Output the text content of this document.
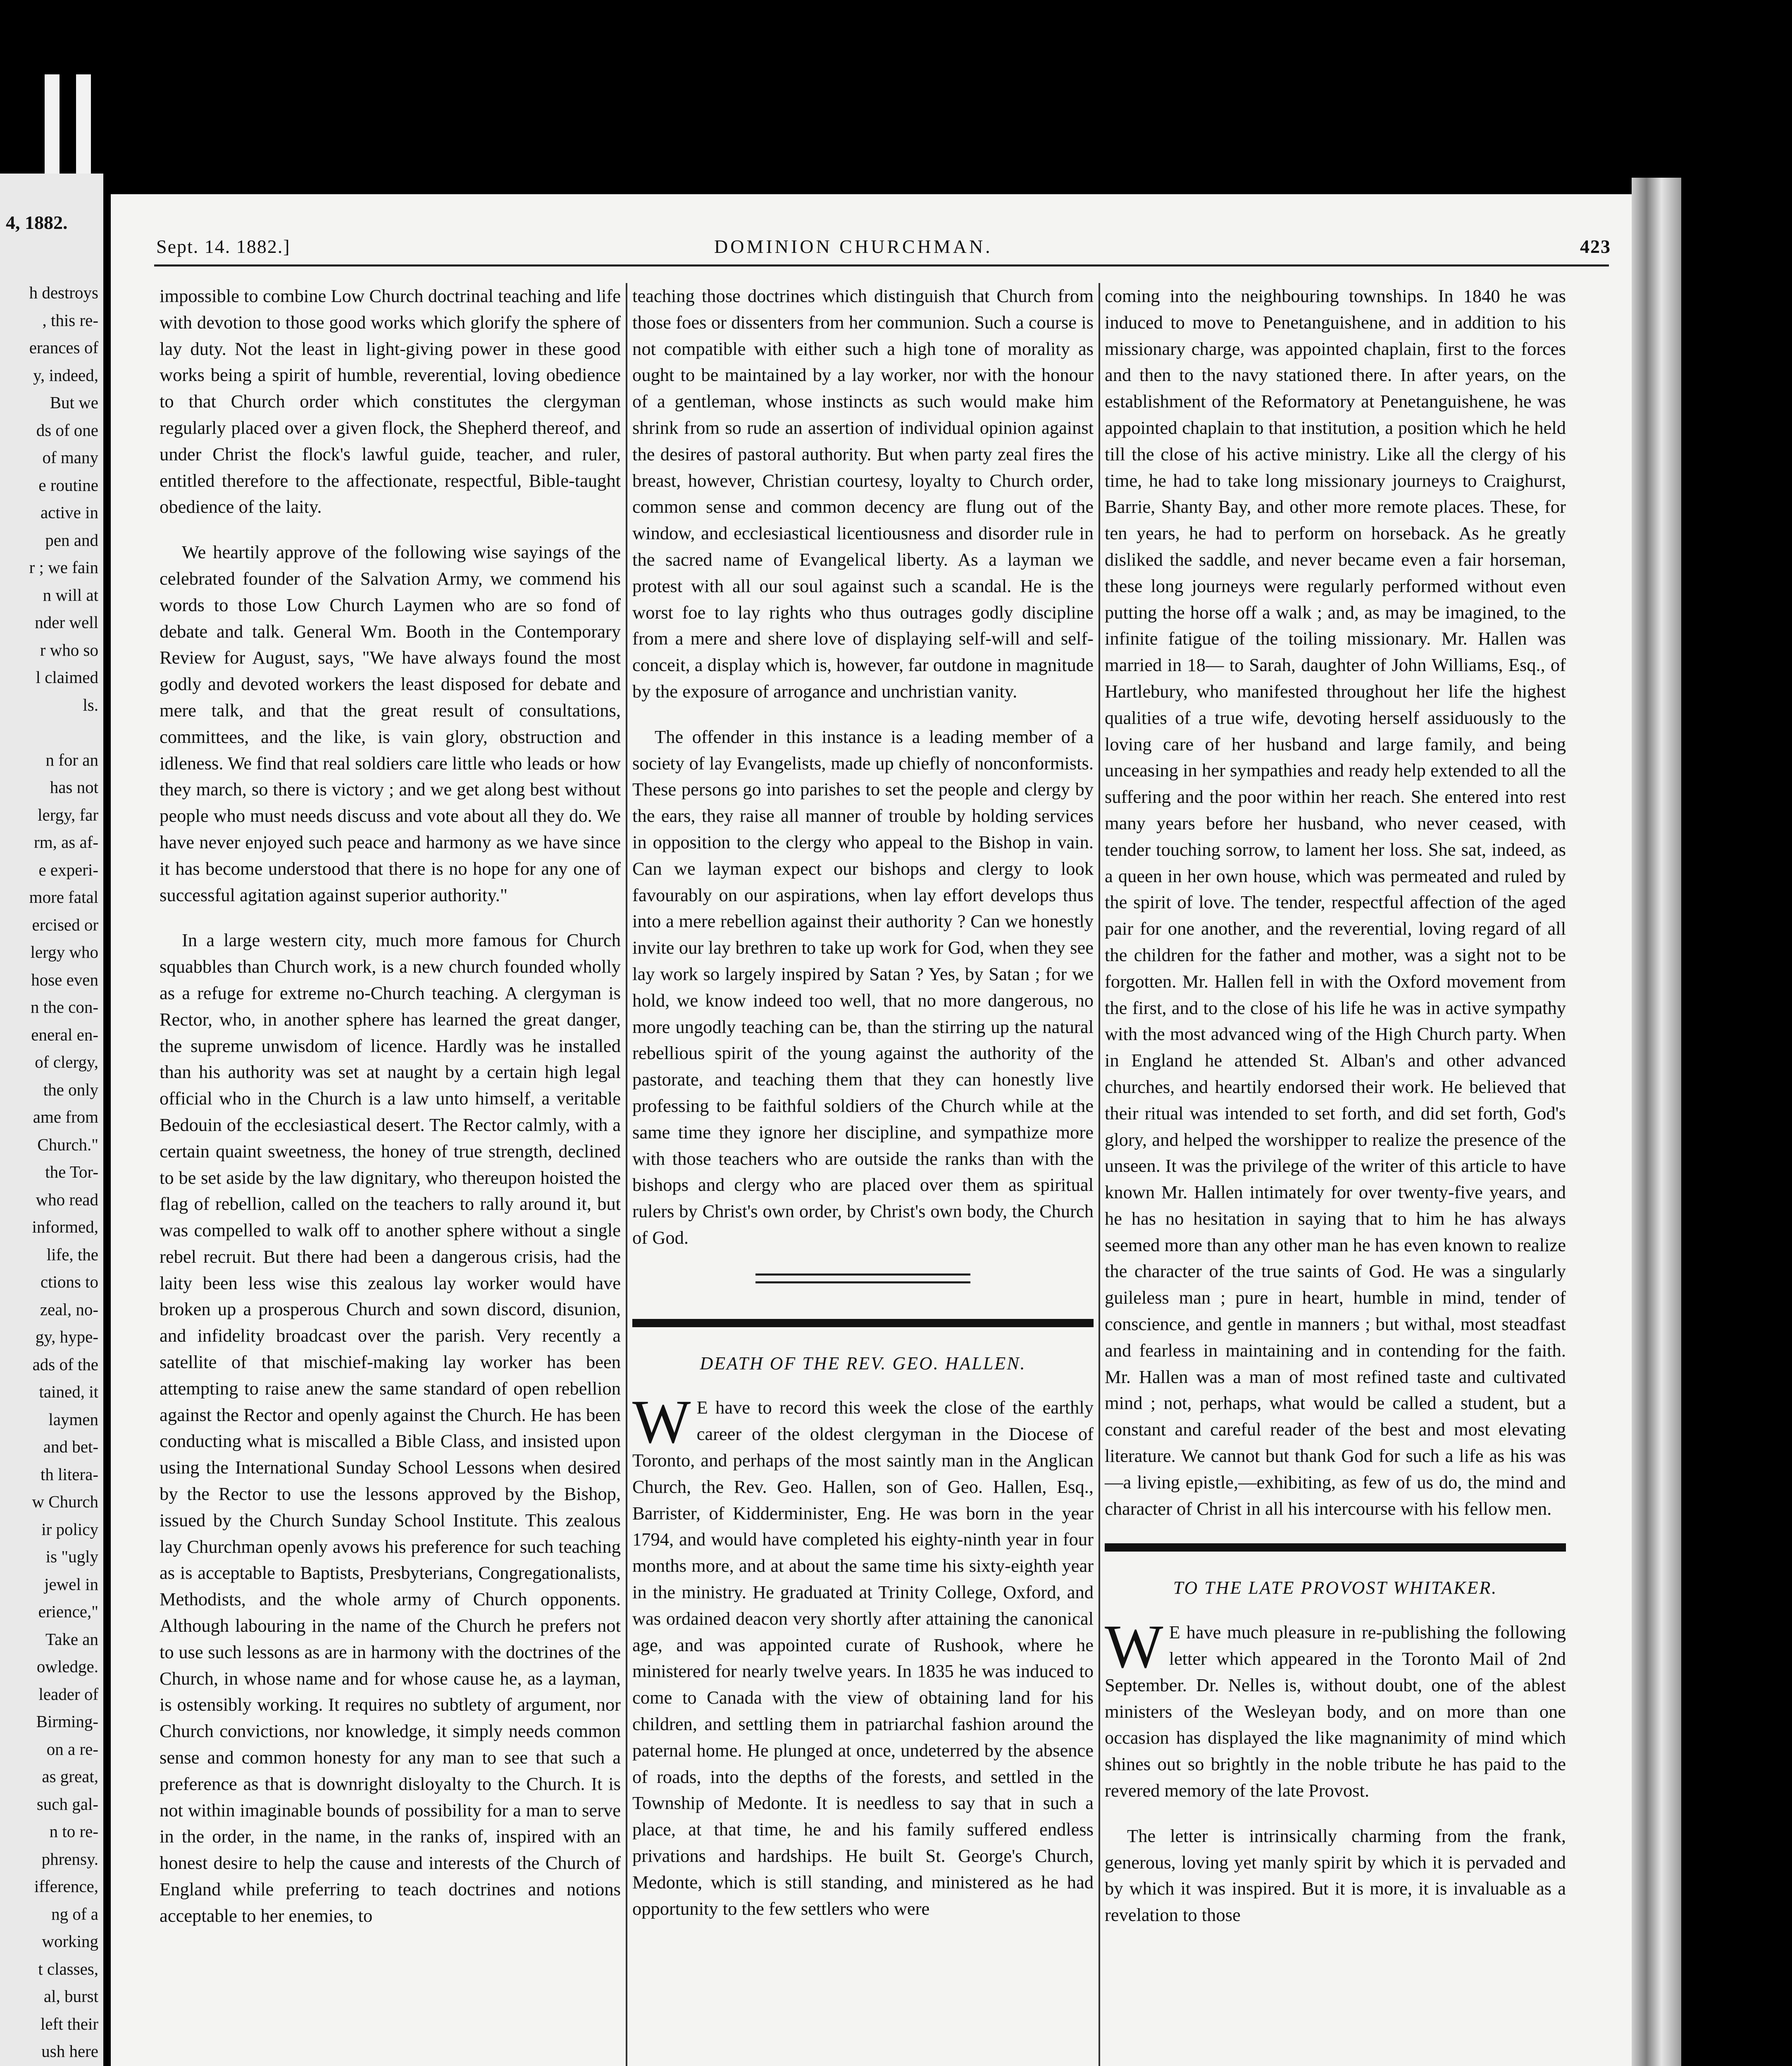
4, 1882.
h destroys
, this re-
erances of
y, indeed,
But we
ds of one
of many
e routine
active in
pen and
r ; we fain
n will at
nder well
r who so
l claimed
ls.

n for an
has not
lergy, far
rm, as af-
e experi-
more fatal
ercised or
lergy who
hose even
n the con-
eneral en-
of clergy,
the only
ame from
Church."
the Tor-
who read
informed,
life, the
ctions to
zeal, no-
gy, hype-
ads of the
tained, it
laymen
and bet-
th litera-
w Church
ir policy
is "ugly
jewel in
erience,"
Take an
owledge.
leader of
Birming-
on a re-
as great,
such gal-
n to re-
phrensy.
ifference,
ng of a
working
t classes,
al, burst
left their
ush here
Sept. 14. 1882.]	DOMINION CHURCHMAN.	423

impossible to combine Low Church doctrinal teaching and life with devotion to those good works which glorify the sphere of lay duty. Not the least in light-giving power in these good works being a spirit of humble, reverential, loving obedience to that Church order which constitutes the clergyman regularly placed over a given flock, the Shepherd thereof, and under Christ the flock's lawful guide, teacher, and ruler, entitled therefore to the affectionate, respectful, Bible-taught obedience of the laity.

We heartily approve of the following wise sayings of the celebrated founder of the Salvation Army, we commend his words to those Low Church Laymen who are so fond of debate and talk. General Wm. Booth in the Contemporary Review for August, says, "We have always found the most godly and devoted workers the least disposed for debate and mere talk, and that the great result of consultations, committees, and the like, is vain glory, obstruction and idleness. We find that real soldiers care little who leads or how they march, so there is victory ; and we get along best without people who must needs discuss and vote about all they do. We have never enjoyed such peace and harmony as we have since it has become understood that there is no hope for any one of successful agitation against superior authority."

In a large western city, much more famous for Church squabbles than Church work, is a new church founded wholly as a refuge for extreme no-Church teaching. A clergyman is Rector, who, in another sphere has learned the great danger, the supreme unwisdom of licence. Hardly was he installed than his authority was set at naught by a certain high legal official who in the Church is a law unto himself, a veritable Bedouin of the ecclesiastical desert. The Rector calmly, with a certain quaint sweetness, the honey of true strength, declined to be set aside by the law dignitary, who thereupon hoisted the flag of rebellion, called on the teachers to rally around it, but was compelled to walk off to another sphere without a single rebel recruit. But there had been a dangerous crisis, had the laity been less wise this zealous lay worker would have broken up a prosperous Church and sown discord, disunion, and infidelity broadcast over the parish. Very recently a satellite of that mischief-making lay worker has been attempting to raise anew the same standard of open rebellion against the Rector and openly against the Church. He has been conducting what is miscalled a Bible Class, and insisted upon using the International Sunday School Lessons when desired by the Rector to use the lessons approved by the Bishop, issued by the Church Sunday School Institute. This zealous lay Churchman openly avows his preference for such teaching as is acceptable to Baptists, Presbyterians, Congregationalists, Methodists, and the whole army of Church opponents. Although labouring in the name of the Church he prefers not to use such lessons as are in harmony with the doctrines of the Church, in whose name and for whose cause he, as a layman, is ostensibly working. It requires no subtlety of argument, nor Church convictions, nor knowledge, it simply needs common sense and common honesty for any man to see that such a preference as that is downright disloyalty to the Church. It is not within imaginable bounds of possibility for a man to serve in the order, in the name, in the ranks of, inspired with an honest desire to help the cause and interests of the Church of England while preferring to teach doctrines and notions acceptable to her enemies, to

teaching those doctrines which distinguish that Church from those foes or dissenters from her communion. Such a course is not compatible with either such a high tone of morality as ought to be maintained by a lay worker, nor with the honour of a gentleman, whose instincts as such would make him shrink from so rude an assertion of individual opinion against the desires of pastoral authority. But when party zeal fires the breast, however, Christian courtesy, loyalty to Church order, common sense and common decency are flung out of the window, and ecclesiastical licentiousness and disorder rule in the sacred name of Evangelical liberty. As a layman we protest with all our soul against such a scandal. He is the worst foe to lay rights who thus outrages godly discipline from a mere and shere love of displaying self-will and self-conceit, a display which is, however, far outdone in magnitude by the exposure of arrogance and unchristian vanity.

The offender in this instance is a leading member of a society of lay Evangelists, made up chiefly of nonconformists. These persons go into parishes to set the people and clergy by the ears, they raise all manner of trouble by holding services in opposition to the clergy who appeal to the Bishop in vain. Can we layman expect our bishops and clergy to look favourably on our aspirations, when lay effort develops thus into a mere rebellion against their authority ? Can we honestly invite our lay brethren to take up work for God, when they see lay work so largely inspired by Satan ? Yes, by Satan ; for we hold, we know indeed too well, that no more dangerous, no more ungodly teaching can be, than the stirring up the natural rebellious spirit of the young against the authority of the pastorate, and teaching them that they can honestly live professing to be faithful soldiers of the Church while at the same time they ignore her discipline, and sympathize more with those teachers who are outside the ranks than with the bishops and clergy who are placed over them as spiritual rulers by Christ's own order, by Christ's own body, the Church of God.

DEATH OF THE REV. GEO. HALLEN.

WE have to record this week the close of the earthly career of the oldest clergyman in the Diocese of Toronto, and perhaps of the most saintly man in the Anglican Church, the Rev. Geo. Hallen, son of Geo. Hallen, Esq., Barrister, of Kidderminister, Eng. He was born in the year 1794, and would have completed his eighty-ninth year in four months more, and at about the same time his sixty-eighth year in the ministry. He graduated at Trinity College, Oxford, and was ordained deacon very shortly after attaining the canonical age, and was appointed curate of Rushook, where he ministered for nearly twelve years. In 1835 he was induced to come to Canada with the view of obtaining land for his children, and settling them in patriarchal fashion around the paternal home. He plunged at once, undeterred by the absence of roads, into the depths of the forests, and settled in the Township of Medonte. It is needless to say that in such a place, at that time, he and his family suffered endless privations and hardships. He built St. George's Church, Medonte, which is still standing, and ministered as he had opportunity to the few settlers who were

coming into the neighbouring townships. In 1840 he was induced to move to Penetanguishene, and in addition to his missionary charge, was appointed chaplain, first to the forces and then to the navy stationed there. In after years, on the establishment of the Reformatory at Penetanguishene, he was appointed chaplain to that institution, a position which he held till the close of his active ministry. Like all the clergy of his time, he had to take long missionary journeys to Craighurst, Barrie, Shanty Bay, and other more remote places. These, for ten years, he had to perform on horseback. As he greatly disliked the saddle, and never became even a fair horseman, these long journeys were regularly performed without even putting the horse off a walk ; and, as may be imagined, to the infinite fatigue of the toiling missionary. Mr. Hallen was married in 18— to Sarah, daughter of John Williams, Esq., of Hartlebury, who manifested throughout her life the highest qualities of a true wife, devoting herself assiduously to the loving care of her husband and large family, and being unceasing in her sympathies and ready help extended to all the suffering and the poor within her reach. She entered into rest many years before her husband, who never ceased, with tender touching sorrow, to lament her loss. She sat, indeed, as a queen in her own house, which was permeated and ruled by the spirit of love. The tender, respectful affection of the aged pair for one another, and the reverential, loving regard of all the children for the father and mother, was a sight not to be forgotten. Mr. Hallen fell in with the Oxford movement from the first, and to the close of his life he was in active sympathy with the most advanced wing of the High Church party. When in England he attended St. Alban's and other advanced churches, and heartily endorsed their work. He believed that their ritual was intended to set forth, and did set forth, God's glory, and helped the worshipper to realize the presence of the unseen. It was the privilege of the writer of this article to have known Mr. Hallen intimately for over twenty-five years, and he has no hesitation in saying that to him he has always seemed more than any other man he has even known to realize the character of the true saints of God. He was a singularly guileless man ; pure in heart, humble in mind, tender of conscience, and gentle in manners ; but withal, most steadfast and fearless in maintaining and in contending for the faith. Mr. Hallen was a man of most refined taste and cultivated mind ; not, perhaps, what would be called a student, but a constant and careful reader of the best and most elevating literature. We cannot but thank God for such a life as his was—a living epistle,—exhibiting, as few of us do, the mind and character of Christ in all his intercourse with his fellow men.

TO THE LATE PROVOST WHITAKER.

WE have much pleasure in re-publishing the following letter which appeared in the Toronto Mail of 2nd September. Dr. Nelles is, without doubt, one of the ablest ministers of the Wesleyan body, and on more than one occasion has displayed the like magnanimity of mind which shines out so brightly in the noble tribute he has paid to the revered memory of the late Provost.

The letter is intrinsically charming from the frank, generous, loving yet manly spirit by which it is pervaded and by which it was inspired. But it is more, it is invaluable as a revelation to those
